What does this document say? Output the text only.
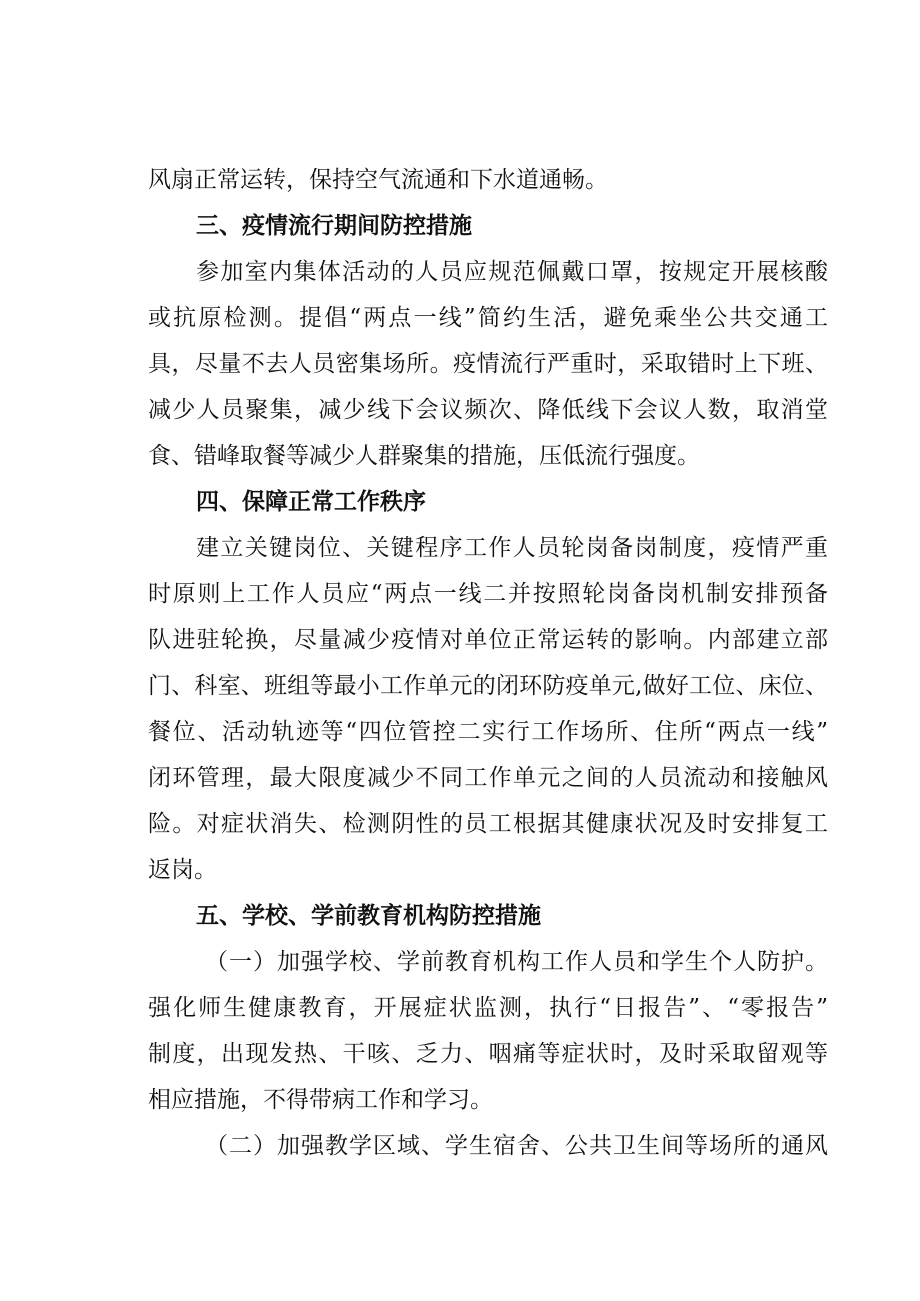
风扇正常运转，保持空气流通和下水道通畅。
三、疫情流行期间防控措施
参加室内集体活动的人员应规范佩戴口罩，按规定开展核酸
或抗原检测。提倡“两点一线”简约生活，避免乘坐公共交通工
具，尽量不去人员密集场所。疫情流行严重时，采取错时上下班、
减少人员聚集，减少线下会议频次、降低线下会议人数，取消堂
食、错峰取餐等减少人群聚集的措施，压低流行强度。
四、保障正常工作秩序
建立关键岗位、关键程序工作人员轮岗备岗制度，疫情严重
时原则上工作人员应“两点一线二并按照轮岗备岗机制安排预备
队进驻轮换，尽量减少疫情对单位正常运转的影响。内部建立部
门、科室、班组等最小工作单元的闭环防疫单元,做好工位、床位、
餐位、活动轨迹等“四位管控二实行工作场所、住所“两点一线”
闭环管理，最大限度减少不同工作单元之间的人员流动和接触风
险。对症状消失、检测阴性的员工根据其健康状况及时安排复工
返岗。
五、学校、学前教育机构防控措施
（一）加强学校、学前教育机构工作人员和学生个人防护。
强化师生健康教育，开展症状监测，执行“日报告”、“零报告”
制度，出现发热、干咳、乏力、咽痛等症状时，及时采取留观等
相应措施，不得带病工作和学习。
（二）加强教学区域、学生宿舍、公共卫生间等场所的通风
